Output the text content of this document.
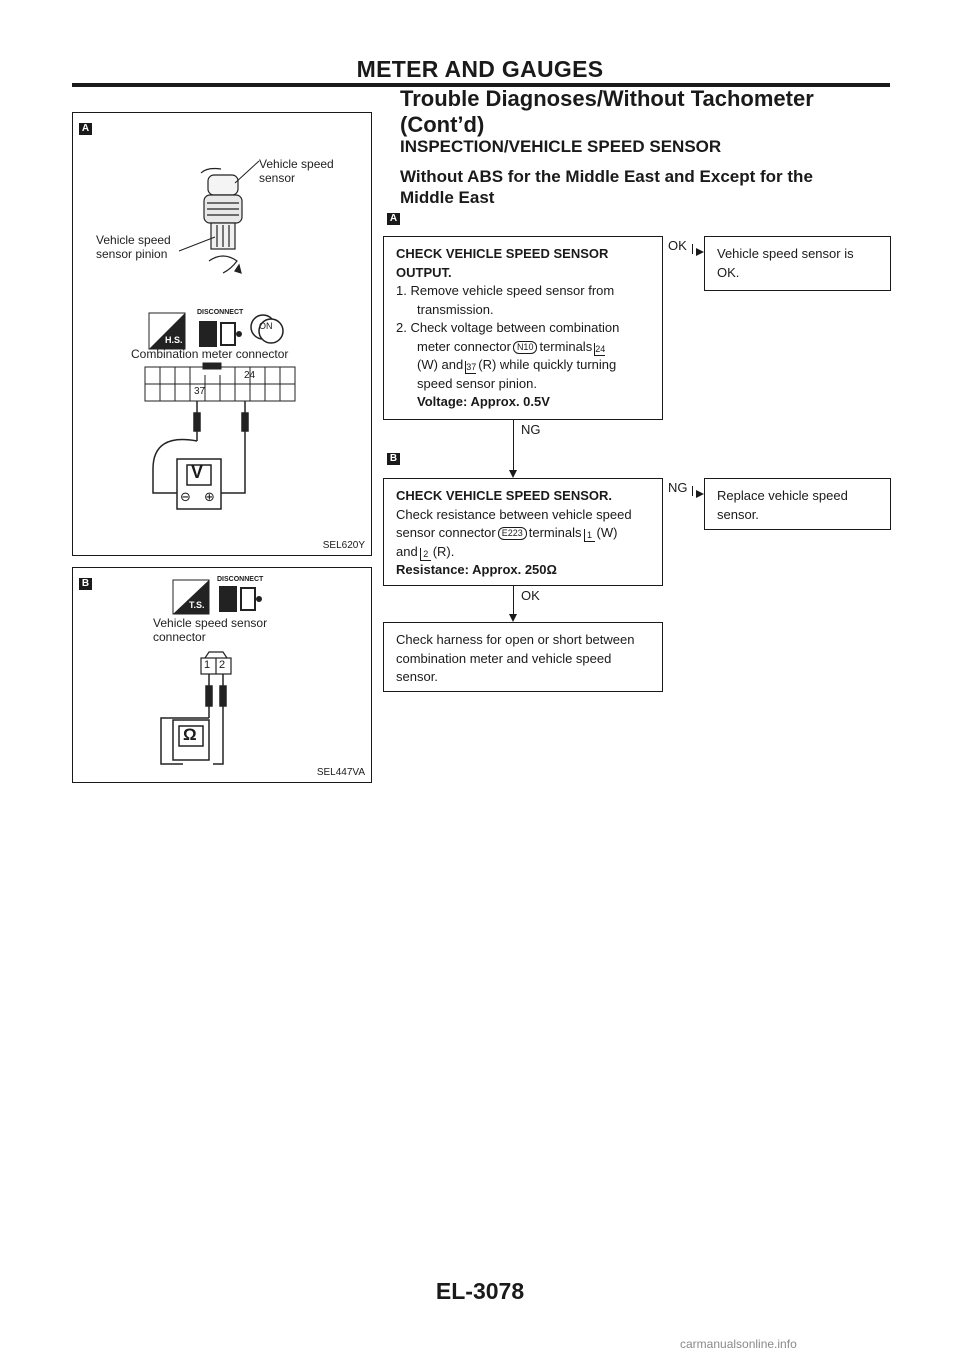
METER AND GAUGES
Trouble Diagnoses/Without Tachometer
(Cont’d)
INSPECTION/VEHICLE SPEED SENSOR
Without ABS for the Middle East and Except for the
Middle East
A
Vehicle speed
sensor
Vehicle speed
sensor pinion
H.S.
DISCONNECT
ON
Combination meter connector
37
24
V
⊖ ⊕
SEL620Y
B
T.S.
DISCONNECT
Vehicle speed sensor
connector
1 2
Ω
SEL447VA
A

CHECK VEHICLE SPEED SENSOR

OUTPUT.

1. Remove vehicle speed sensor from

transmission.

2. Check voltage between combination

meter connector N10 terminals 24

(W) and 37 (R) while quickly turning

speed sensor pinion.

Voltage: Approx. 0.5V

OK

Vehicle speed sensor is

OK.

NG
B

CHECK VEHICLE SPEED SENSOR.

Check resistance between vehicle speed

sensor connector E223 terminals 1 (W)

and 2 (R).

Resistance: Approx. 250Ω

NG

Replace vehicle speed

sensor.

OK

Check harness for open or short between

combination meter and vehicle speed

sensor.

EL-3078
carmanualsonline.info
